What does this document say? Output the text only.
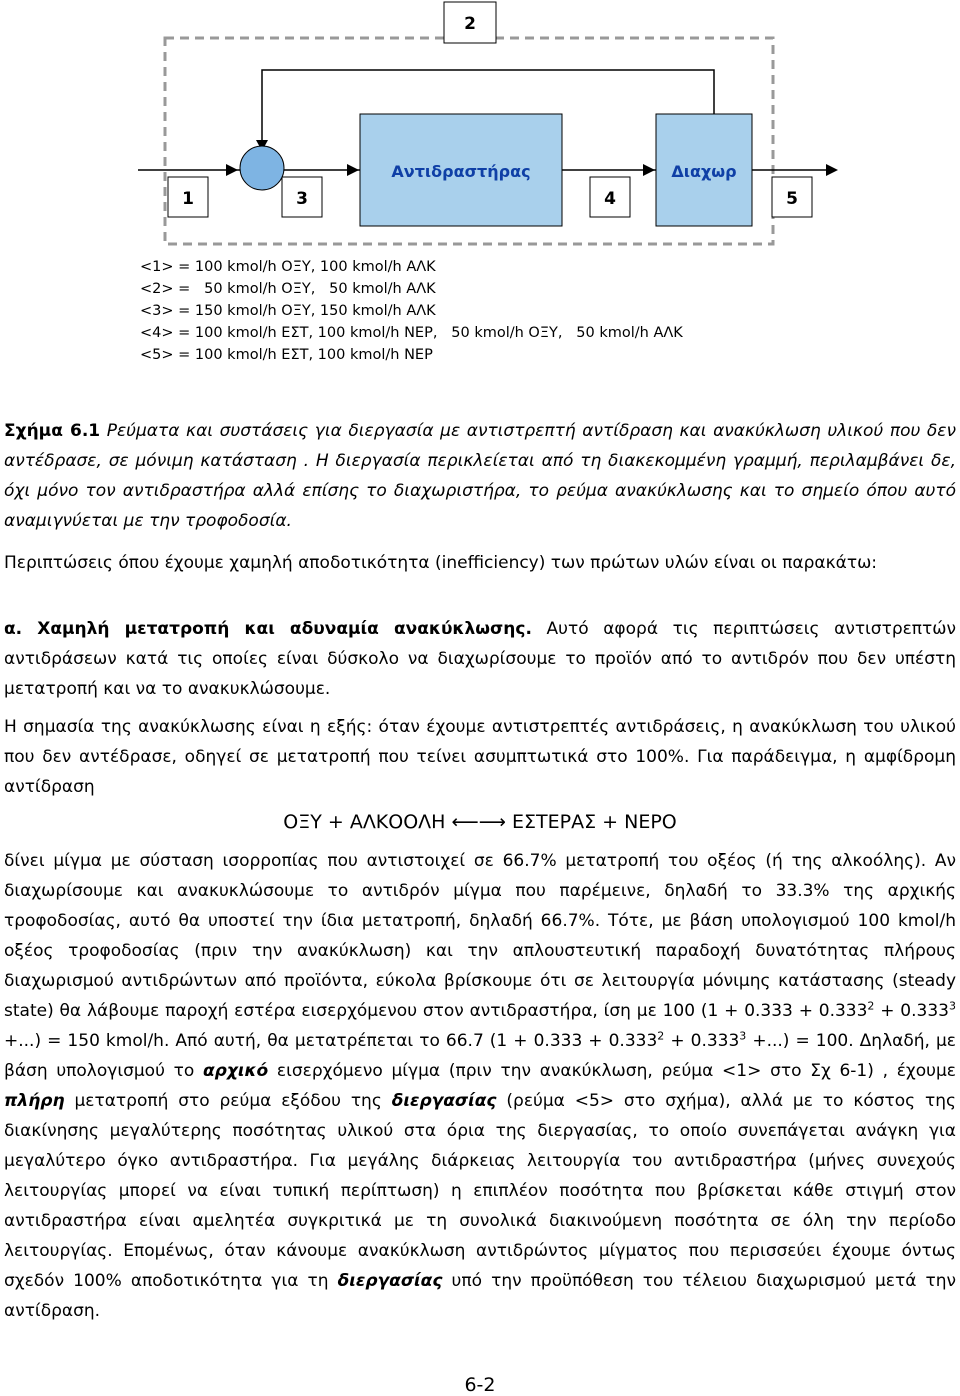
2
Αντιδραστήρας	Διαχωρ
1	3	4	5
<1> = 100 kmol/h ΟΞΥ, 100 kmol/h ΑΛΚ
<2> =   50 kmol/h ΟΞΥ,   50 kmol/h ΑΛΚ
<3> = 150 kmol/h ΟΞΥ, 150 kmol/h ΑΛΚ
<4> = 100 kmol/h ΕΣΤ, 100 kmol/h ΝΕΡ,   50 kmol/h ΟΞΥ,   50 kmol/h ΑΛΚ
<5> = 100 kmol/h ΕΣΤ, 100 kmol/h ΝΕΡ
Σχήμα 6.1 Ρεύματα και συστάσεις για διεργασία με αντιστρεπτή αντίδραση και ανακύκλωση υλικού που δεν αντέδρασε, σε μόνιμη κατάσταση . Η διεργασία περικλείεται από τη διακεκομμένη γραμμή, περιλαμβάνει δε, όχι μόνο τον αντιδραστήρα αλλά επίσης το διαχωριστήρα, το ρεύμα ανακύκλωσης και το σημείο όπου αυτό αναμιγνύεται με την τροφοδοσία.
Περιπτώσεις όπου έχουμε χαμηλή αποδοτικότητα (inefficiency) των πρώτων υλών είναι οι παρακάτω:
α. Χαμηλή μετατροπή και αδυναμία ανακύκλωσης. Αυτό αφορά τις περιπτώσεις αντιστρεπτών αντιδράσεων κατά τις οποίες είναι δύσκολο να διαχωρίσουμε το προϊόν από το αντιδρόν που δεν υπέστη μετατροπή και να το ανακυκλώσουμε.
Η σημασία της ανακύκλωσης είναι η εξής: όταν έχουμε αντιστρεπτές αντιδράσεις, η ανακύκλωση του υλικού που δεν αντέδρασε, οδηγεί σε μετατροπή που τείνει ασυμπτωτικά στο 100%. Για παράδειγμα, η αμφίδρομη αντίδραση
ΟΞΥ + ΑΛΚΟΟΛΗ ⟵⟶ ΕΣΤΕΡΑΣ + ΝΕΡΟ
δίνει μίγμα με σύσταση ισορροπίας που αντιστοιχεί σε 66.7% μετατροπή του οξέος (ή της αλκοόλης). Αν διαχωρίσουμε και ανακυκλώσουμε το αντιδρόν μίγμα που παρέμεινε, δηλαδή το 33.3% της αρχικής τροφοδοσίας, αυτό θα υποστεί την ίδια μετατροπή, δηλαδή 66.7%. Τότε, με βάση υπολογισμού 100 kmol/h οξέος τροφοδοσίας (πριν την ανακύκλωση) και την απλουστευτική παραδοχή δυνατότητας πλήρους διαχωρισμού αντιδρώντων από προϊόντα, εύκολα βρίσκουμε ότι σε λειτουργία μόνιμης κατάστασης (steady state) θα λάβουμε παροχή εστέρα εισερχόμενου στον αντιδραστήρα, ίση με 100 ($1 + 0.333 + 0.333^2 + 0.333^3$ +...) = 150 kmol/h. Από αυτή, θα μετατρέπεται το 66.7 ($1 + 0.333 + 0.333^2 + 0.333^3$ +...) = 100. Δηλαδή, με βάση υπολογισμού το αρχικό εισερχόμενο μίγμα (πριν την ανακύκλωση, ρεύμα <1> στο Σχ 6-1) , έχουμε πλήρη μετατροπή στο ρεύμα εξόδου της διεργασίας (ρεύμα <5> στο σχήμα), αλλά με το κόστος της διακίνησης μεγαλύτερης ποσότητας υλικού στα όρια της διεργασίας, το οποίο συνεπάγεται ανάγκη για μεγαλύτερο όγκο αντιδραστήρα. Για μεγάλης διάρκειας λειτουργία του αντιδραστήρα (μήνες συνεχούς λειτουργίας μπορεί να είναι τυπική περίπτωση) η επιπλέον ποσότητα που βρίσκεται κάθε στιγμή στον αντιδραστήρα είναι αμελητέα συγκριτικά με τη συνολικά διακινούμενη ποσότητα σε όλη την περίοδο λειτουργίας. Επομένως, όταν κάνουμε ανακύκλωση αντιδρώντος μίγματος που περισσεύει έχουμε όντως σχεδόν 100% αποδοτικότητα για τη διεργασίας υπό την προϋπόθεση του τέλειου διαχωρισμού μετά την αντίδραση.
6-2
